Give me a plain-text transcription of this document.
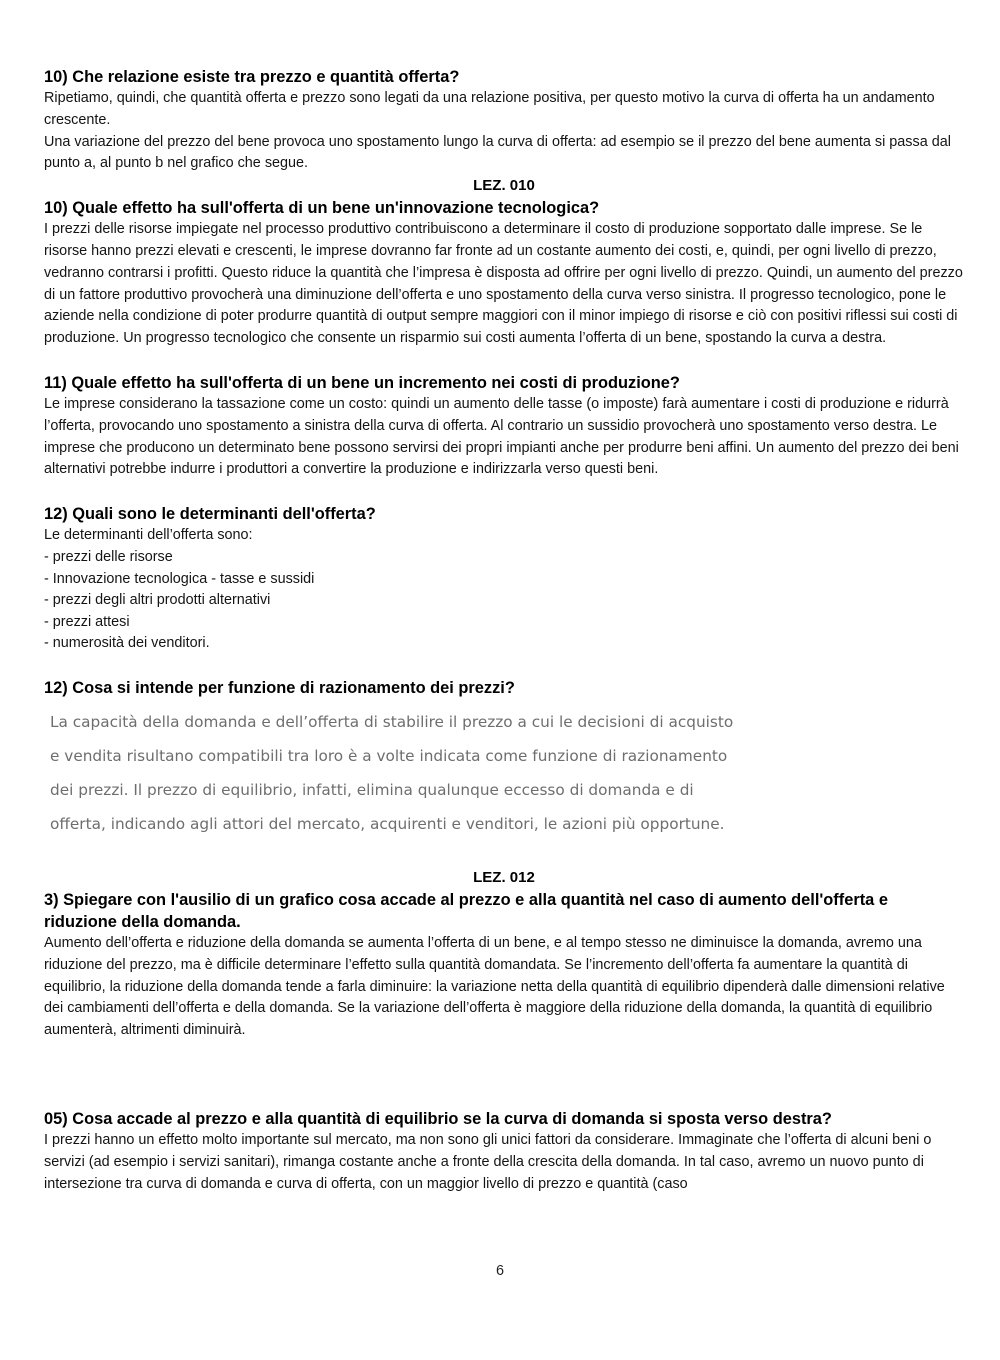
10) Che relazione esiste tra prezzo e quantità offerta?

Ripetiamo, quindi, che quantità offerta e prezzo sono legati da una relazione positiva, per questo motivo la curva di offerta ha un andamento crescente.

Una variazione del prezzo del bene provoca uno spostamento lungo la curva di offerta: ad esempio se il prezzo del bene aumenta si passa dal punto a, al punto b nel grafico che segue.

LEZ. 010

10) Quale effetto ha sull'offerta di un bene un'innovazione tecnologica?

I prezzi delle risorse impiegate nel processo produttivo contribuiscono a determinare il costo di produzione sopportato dalle imprese. Se le risorse hanno prezzi elevati e crescenti, le imprese dovranno far fronte ad un costante aumento dei costi, e, quindi, per ogni livello di prezzo, vedranno contrarsi i profitti. Questo riduce la quantità che l’impresa è disposta ad offrire per ogni livello di prezzo. Quindi, un aumento del prezzo di un fattore produttivo provocherà una diminuzione dell’offerta e uno spostamento della curva verso sinistra. Il progresso tecnologico, pone le aziende nella condizione di poter produrre quantità di output sempre maggiori con il minor impiego di risorse e ciò con positivi riflessi sui costi di produzione. Un progresso tecnologico che consente un risparmio sui costi aumenta l’offerta di un bene, spostando la curva a destra.

11) Quale effetto ha sull'offerta di un bene un incremento nei costi di produzione?

Le imprese considerano la tassazione come un costo: quindi un aumento delle tasse (o imposte) farà aumentare i costi di produzione e ridurrà l’offerta, provocando uno spostamento a sinistra della curva di offerta. Al contrario un sussidio provocherà uno spostamento verso destra. Le imprese che producono un determinato bene possono servirsi dei propri impianti anche per produrre beni affini. Un aumento del prezzo dei beni alternativi potrebbe indurre i produttori a convertire la produzione e indirizzarla verso questi beni.

12) Quali sono le determinanti dell'offerta?

Le determinanti dell’offerta sono:

- prezzi delle risorse
- Innovazione tecnologica - tasse e sussidi
- prezzi degli altri prodotti alternativi
- prezzi attesi
- numerosità dei venditori.
12) Cosa si intende per funzione di razionamento dei prezzi?
La capacità della domanda e dell’offerta di stabilire il prezzo a cui le decisioni di acquisto
e vendita risultano compatibili tra loro è a volte indicata come funzione di razionamento
dei prezzi. Il prezzo di equilibrio, infatti, elimina qualunque eccesso di domanda e di
offerta, indicando agli attori del mercato, acquirenti e venditori, le azioni più opportune.

LEZ. 012

3) Spiegare con l'ausilio di un grafico cosa accade al prezzo e alla quantità nel caso di aumento dell'offerta e riduzione della domanda.

Aumento dell’offerta e riduzione della domanda se aumenta l’offerta di un bene, e al tempo stesso ne diminuisce la domanda, avremo una riduzione del prezzo, ma è difficile determinare l’effetto sulla quantità domandata. Se l’incremento dell’offerta fa aumentare la quantità di equilibrio, la riduzione della domanda tende a farla diminuire: la variazione netta della quantità di equilibrio dipenderà dalle dimensioni relative dei cambiamenti dell’offerta e della domanda. Se la variazione dell’offerta è maggiore della riduzione della domanda, la quantità di equilibrio aumenterà, altrimenti diminuirà.

05) Cosa accade al prezzo e alla quantità di equilibrio se la curva di domanda si sposta verso destra?

I prezzi hanno un effetto molto importante sul mercato, ma non sono gli unici fattori da considerare. Immaginate che l’offerta di alcuni beni o servizi (ad esempio i servizi sanitari), rimanga costante anche a fronte della crescita della domanda. In tal caso, avremo un nuovo punto di intersezione tra curva di domanda e curva di offerta, con un maggior livello di prezzo e quantità (caso

6
